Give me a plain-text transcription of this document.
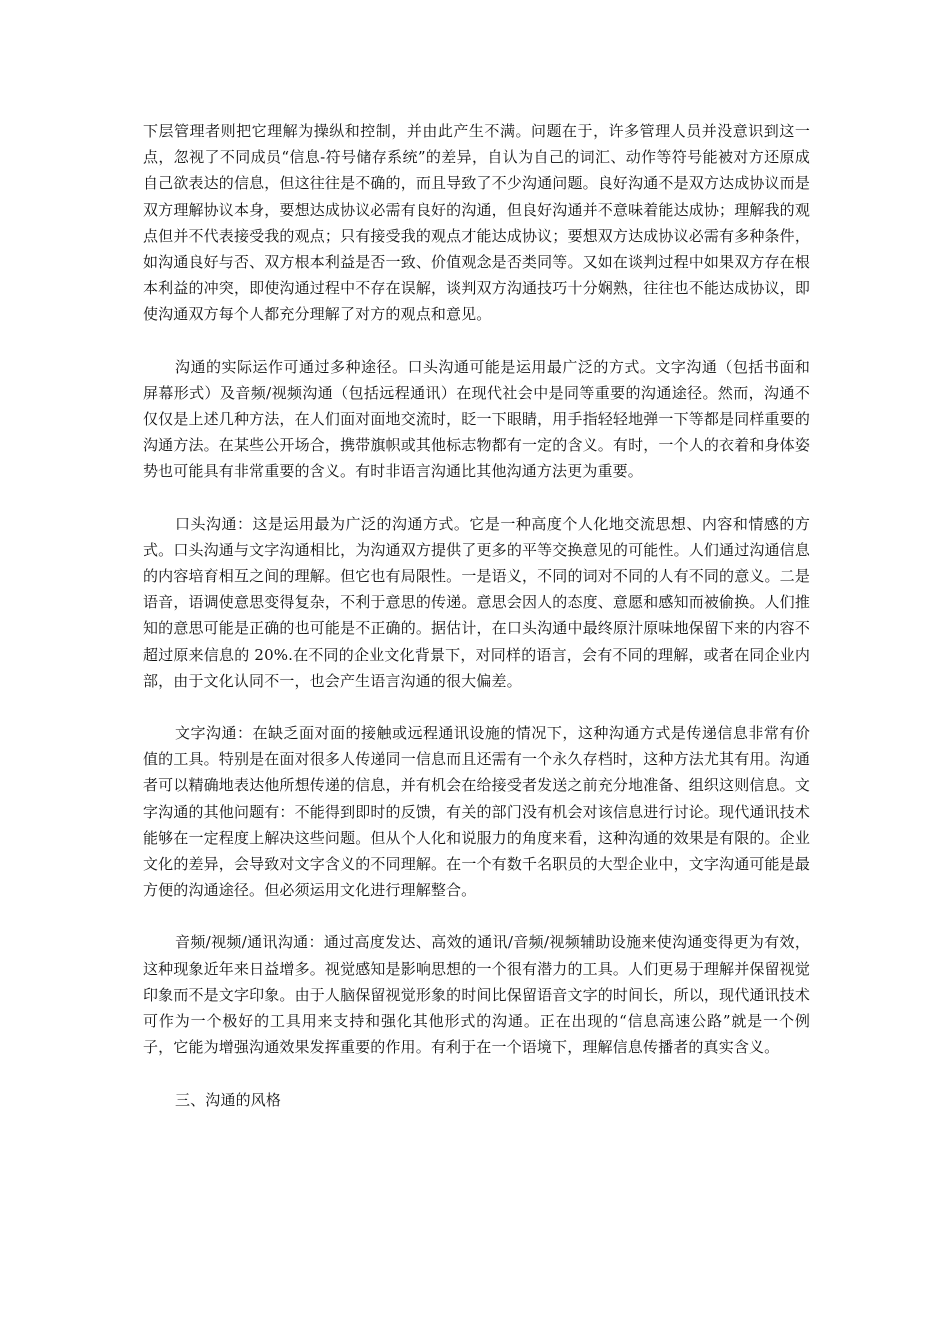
下层管理者则把它理解为操纵和控制，并由此产生不满。问题在于，许多管理人员并没意识到这一点，忽视了不同成员“信息-符号储存系统”的差异，自认为自己的词汇、动作等符号能被对方还原成自己欲表达的信息，但这往往是不确的，而且导致了不少沟通问题。良好沟通不是双方达成协议而是双方理解协议本身，要想达成协议必需有良好的沟通，但良好沟通并不意味着能达成协；理解我的观点但并不代表接受我的观点；只有接受我的观点才能达成协议；要想双方达成协议必需有多种条件，如沟通良好与否、双方根本利益是否一致、价值观念是否类同等。又如在谈判过程中如果双方存在根本利益的冲突，即使沟通过程中不存在误解，谈判双方沟通技巧十分娴熟，往往也不能达成协议，即使沟通双方每个人都充分理解了对方的观点和意见。

沟通的实际运作可通过多种途径。口头沟通可能是运用最广泛的方式。文字沟通（包括书面和屏幕形式）及音频/视频沟通（包括远程通讯）在现代社会中是同等重要的沟通途径。然而，沟通不仅仅是上述几种方法，在人们面对面地交流时，眨一下眼睛，用手指轻轻地弹一下等都是同样重要的沟通方法。在某些公开场合，携带旗帜或其他标志物都有一定的含义。有时，一个人的衣着和身体姿势也可能具有非常重要的含义。有时非语言沟通比其他沟通方法更为重要。

口头沟通：这是运用最为广泛的沟通方式。它是一种高度个人化地交流思想、内容和情感的方式。口头沟通与文字沟通相比，为沟通双方提供了更多的平等交换意见的可能性。人们通过沟通信息的内容培育相互之间的理解。但它也有局限性。一是语义，不同的词对不同的人有不同的意义。二是语音，语调使意思变得复杂，不利于意思的传递。意思会因人的态度、意愿和感知而被偷换。人们推知的意思可能是正确的也可能是不正确的。据估计，在口头沟通中最终原汁原味地保留下来的内容不超过原来信息的 20%.在不同的企业文化背景下，对同样的语言，会有不同的理解，或者在同企业内部，由于文化认同不一，也会产生语言沟通的很大偏差。

文字沟通：在缺乏面对面的接触或远程通讯设施的情况下，这种沟通方式是传递信息非常有价值的工具。特别是在面对很多人传递同一信息而且还需有一个永久存档时，这种方法尤其有用。沟通者可以精确地表达他所想传递的信息，并有机会在给接受者发送之前充分地准备、组织这则信息。文字沟通的其他问题有：不能得到即时的反馈，有关的部门没有机会对该信息进行讨论。现代通讯技术能够在一定程度上解决这些问题。但从个人化和说服力的角度来看，这种沟通的效果是有限的。企业文化的差异，会导致对文字含义的不同理解。在一个有数千名职员的大型企业中，文字沟通可能是最方便的沟通途径。但必须运用文化进行理解整合。

音频/视频/通讯沟通：通过高度发达、高效的通讯/音频/视频辅助设施来使沟通变得更为有效，这种现象近年来日益增多。视觉感知是影响思想的一个很有潜力的工具。人们更易于理解并保留视觉印象而不是文字印象。由于人脑保留视觉形象的时间比保留语音文字的时间长，所以，现代通讯技术可作为一个极好的工具用来支持和强化其他形式的沟通。正在出现的“信息高速公路”就是一个例子，它能为增强沟通效果发挥重要的作用。有利于在一个语境下，理解信息传播者的真实含义。

三、沟通的风格
